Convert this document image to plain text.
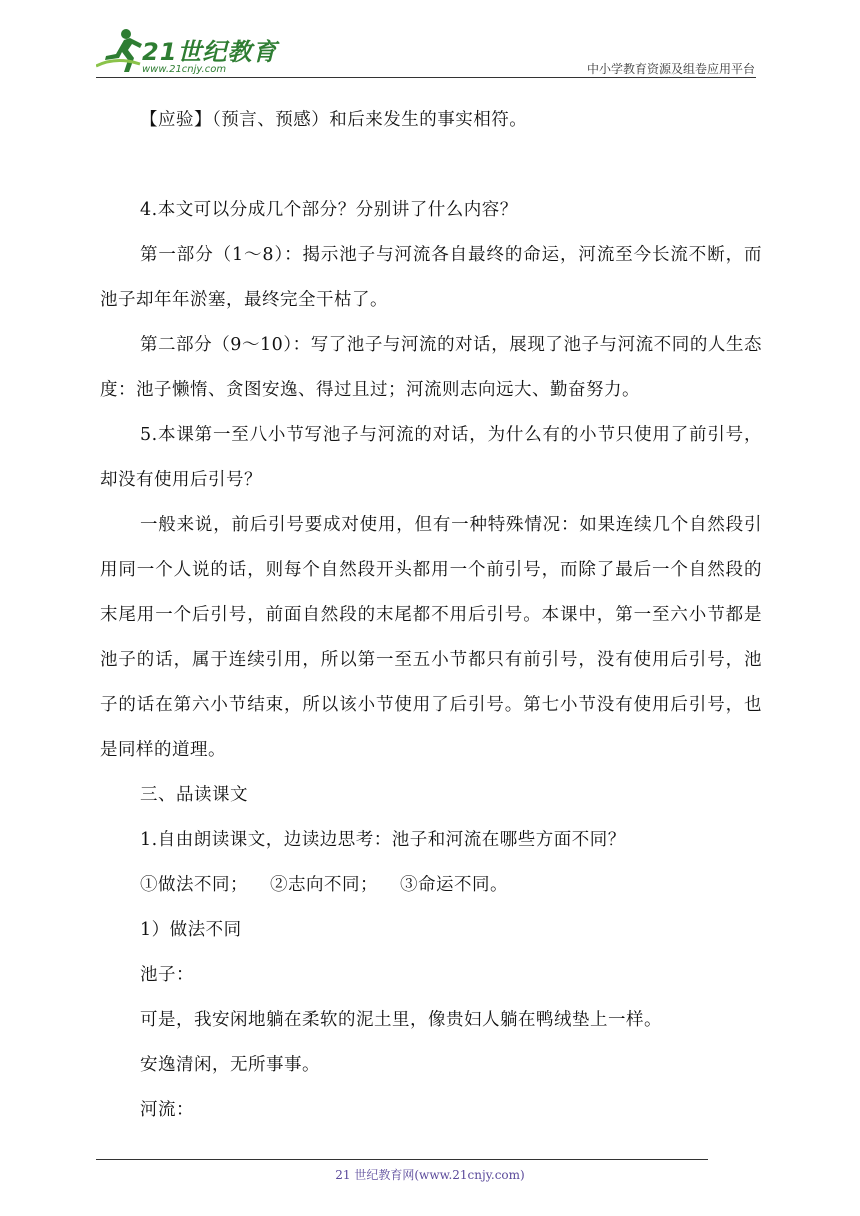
21世纪教育
www.21cnjy.com	中小学教育资源及组卷应用平台

【应验】（预言、预感）和后来发生的事实相符。

4.本文可以分成几个部分？分别讲了什么内容？

第一部分（1～8）：揭示池子与河流各自最终的命运，河流至今长流不断，而池子却年年淤塞，最终完全干枯了。

第二部分（9～10）：写了池子与河流的对话，展现了池子与河流不同的人生态度：池子懒惰、贪图安逸、得过且过；河流则志向远大、勤奋努力。

5.本课第一至八小节写池子与河流的对话，为什么有的小节只使用了前引号，却没有使用后引号？

一般来说，前后引号要成对使用，但有一种特殊情况：如果连续几个自然段引用同一个人说的话，则每个自然段开头都用一个前引号，而除了最后一个自然段的末尾用一个后引号，前面自然段的末尾都不用后引号。本课中，第一至六小节都是池子的话，属于连续引用，所以第一至五小节都只有前引号，没有使用后引号，池子的话在第六小节结束，所以该小节使用了后引号。第七小节没有使用后引号，也是同样的道理。

三、品读课文

1.自由朗读课文，边读边思考：池子和河流在哪些方面不同？

①做法不同； ②志向不同； ③命运不同。

1）做法不同

池子：

可是，我安闲地躺在柔软的泥土里，像贵妇人躺在鸭绒垫上一样。

安逸清闲，无所事事。

河流：

21 世纪教育网(www.21cnjy.com)
